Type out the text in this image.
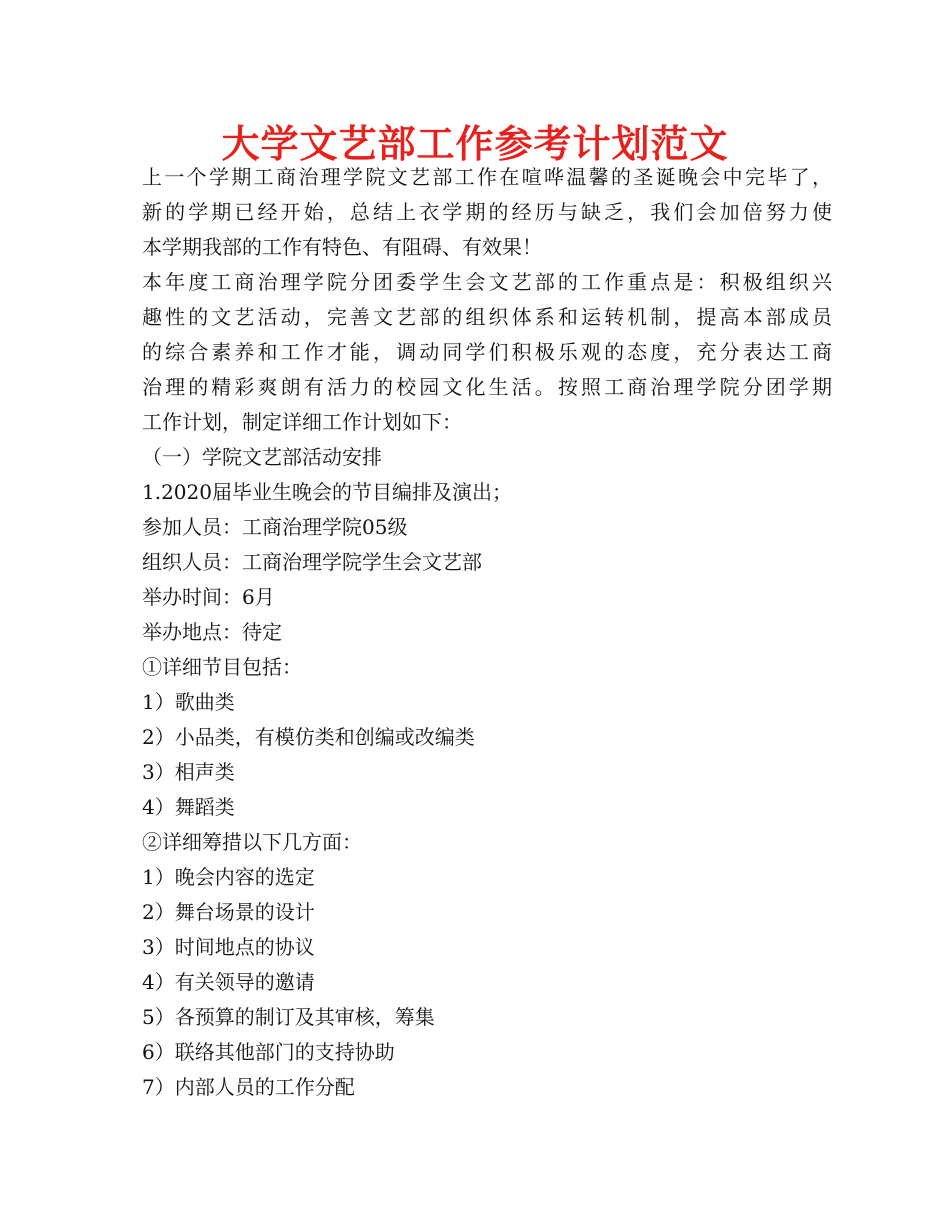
大学文艺部工作参考计划范文
上一个学期工商治理学院文艺部工作在喧哗温馨的圣诞晚会中完毕了，
新的学期已经开始，总结上衣学期的经历与缺乏，我们会加倍努力使
本学期我部的工作有特色、有阻碍、有效果！
本年度工商治理学院分团委学生会文艺部的工作重点是：积极组织兴
趣性的文艺活动，完善文艺部的组织体系和运转机制，提高本部成员
的综合素养和工作才能，调动同学们积极乐观的态度，充分表达工商
治理的精彩爽朗有活力的校园文化生活。按照工商治理学院分团学期
工作计划，制定详细工作计划如下：
（一）学院文艺部活动安排
1.2020届毕业生晚会的节目编排及演出；
参加人员：工商治理学院05级
组织人员：工商治理学院学生会文艺部
举办时间：6月
举办地点：待定
①详细节目包括：
1）歌曲类
2）小品类，有模仿类和创编或改编类
3）相声类
4）舞蹈类
②详细筹措以下几方面：
1）晚会内容的选定
2）舞台场景的设计
3）时间地点的协议
4）有关领导的邀请
5）各预算的制订及其审核，筹集
6）联络其他部门的支持协助
7）内部人员的工作分配
